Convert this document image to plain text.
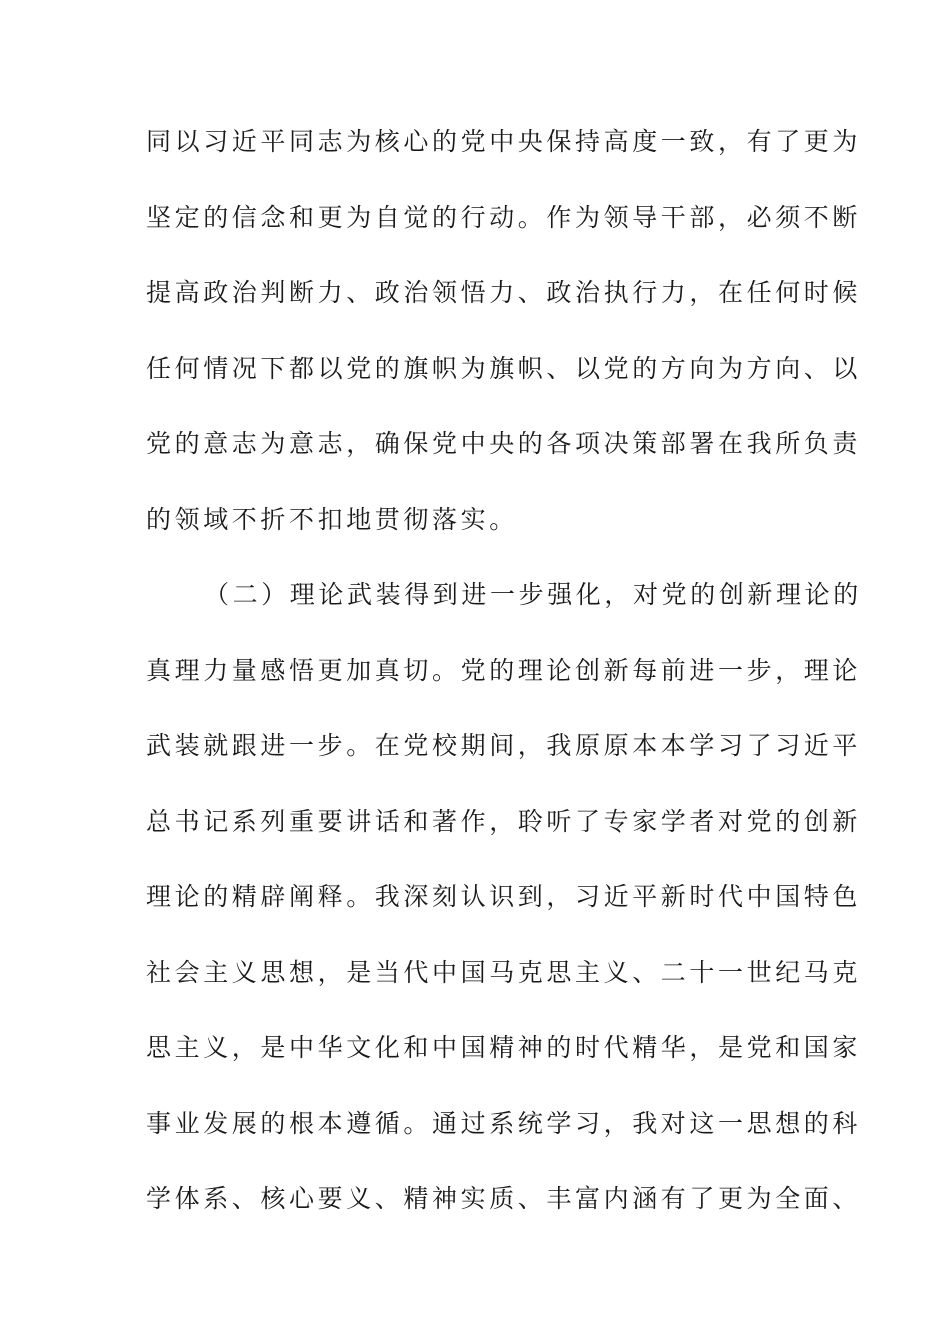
同以习近平同志为核心的党中央保持高度一致，有了更为
坚定的信念和更为自觉的行动。作为领导干部，必须不断
提高政治判断力、政治领悟力、政治执行力，在任何时候
任何情况下都以党的旗帜为旗帜、以党的方向为方向、以
党的意志为意志，确保党中央的各项决策部署在我所负责
的领域不折不扣地贯彻落实。
（二）理论武装得到进一步强化，对党的创新理论的
真理力量感悟更加真切。党的理论创新每前进一步，理论
武装就跟进一步。在党校期间，我原原本本学习了习近平
总书记系列重要讲话和著作，聆听了专家学者对党的创新
理论的精辟阐释。我深刻认识到，习近平新时代中国特色
社会主义思想，是当代中国马克思主义、二十一世纪马克
思主义，是中华文化和中国精神的时代精华，是党和国家
事业发展的根本遵循。通过系统学习，我对这一思想的科
学体系、核心要义、精神实质、丰富内涵有了更为全面、
